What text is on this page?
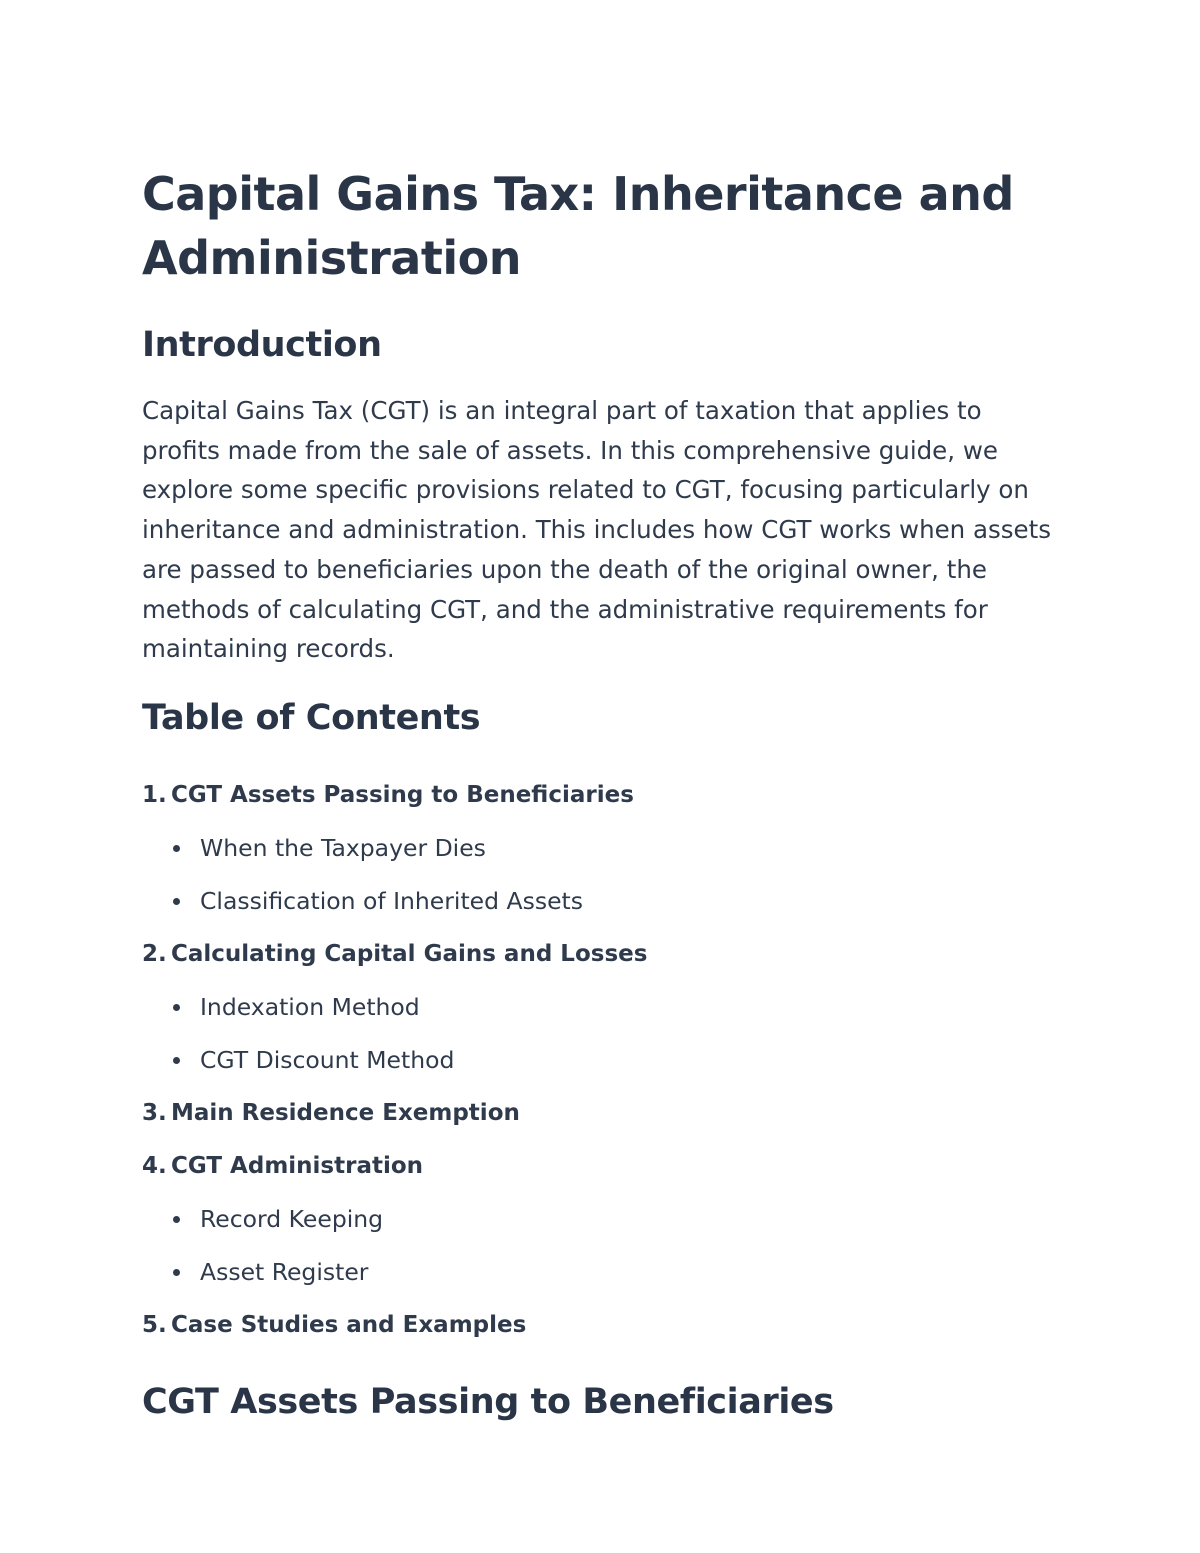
Capital Gains Tax: Inheritance and Administration
Introduction

Capital Gains Tax (CGT) is an integral part of taxation that applies to profits made from the sale of assets. In this comprehensive guide, we explore some specific provisions related to CGT, focusing particularly on inheritance and administration. This includes how CGT works when assets are passed to beneficiaries upon the death of the original owner, the methods of calculating CGT, and the administrative requirements for maintaining records.

Table of Contents
1. CGT Assets Passing to Beneficiaries
When the Taxpayer Dies
Classification of Inherited Assets
2. Calculating Capital Gains and Losses
Indexation Method
CGT Discount Method
3. Main Residence Exemption
4. CGT Administration
Record Keeping
Asset Register
5. Case Studies and Examples
CGT Assets Passing to Beneficiaries
